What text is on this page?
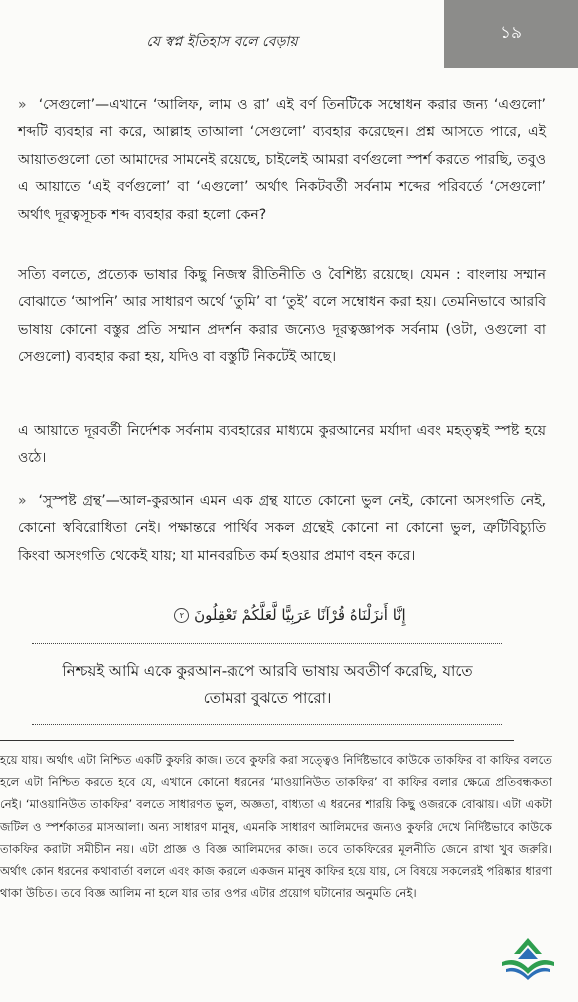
যে স্বপ্ন ইতিহাস বলে বেড়ায়	১৯

» ‘সেগুলো’—এখানে ‘আলিফ, লাম ও রা’ এই বর্ণ তিনটিকে সম্বোধন করার জন্য ‘এগুলো’ শব্দটি ব্যবহার না করে, আল্লাহ তাআলা ‘সেগুলো’ ব্যবহার করেছেন। প্রশ্ন আসতে পারে, এই আয়াতগুলো তো আমাদের সামনেই রয়েছে, চাইলেই আমরা বর্ণগুলো স্পর্শ করতে পারছি, তবুও এ আয়াতে ‘এই বর্ণগুলো’ বা ‘এগুলো’ অর্থাৎ নিকটবর্তী সর্বনাম শব্দের পরিবর্তে ‘সেগুলো’ অর্থাৎ দূরত্বসূচক শব্দ ব্যবহার করা হলো কেন?

সত্যি বলতে, প্রত্যেক ভাষার কিছু নিজস্ব রীতিনীতি ও বৈশিষ্ট্য রয়েছে। যেমন : বাংলায় সম্মান বোঝাতে ‘আপনি’ আর সাধারণ অর্থে ‘তুমি’ বা ‘তুই’ বলে সম্বোধন করা হয়। তেমনিভাবে আরবি ভাষায় কোনো বস্তুর প্রতি সম্মান প্রদর্শন করার জন্যেও দূরত্বজ্ঞাপক সর্বনাম (ওটা, ওগুলো বা সেগুলো) ব্যবহার করা হয়, যদিও বা বস্তুটি নিকটেই আছে।

এ আয়াতে দূরবর্তী নির্দেশক সর্বনাম ব্যবহারের মাধ্যমে কুরআনের মর্যাদা এবং মহত্ত্বই স্পষ্ট হয়ে ওঠে।

» ‘সুস্পষ্ট গ্রন্থ’—আল-কুরআন এমন এক গ্রন্থ যাতে কোনো ভুল নেই, কোনো অসংগতি নেই, কোনো স্ববিরোধিতা নেই। পক্ষান্তরে পার্থিব সকল গ্রন্থেই কোনো না কোনো ভুল, ত্রুটিবিচ্যুতি কিংবা অসংগতি থেকেই যায়; যা মানবরচিত কর্ম হওয়ার প্রমাণ বহন করে।

إِنَّا أَنزَلْنَاهُ قُرْآنًا عَرَبِيًّا لَّعَلَّكُمْ تَعْقِلُونَ ٢

নিশ্চয়ই আমি একে কুরআন-রূপে আরবি ভাষায় অবতীর্ণ করেছি, যাতে তোমরা বুঝতে পারো।

হয়ে যায়। অর্থাৎ এটা নিশ্চিত একটি কুফরি কাজ। তবে কুফরি করা সত্ত্বেও নির্দিষ্টভাবে কাউকে তাকফির বা কাফির বলতে হলে এটা নিশ্চিত করতে হবে যে, এখানে কোনো ধরনের ‘মাওয়ানিউত তাকফির’ বা কাফির বলার ক্ষেত্রে প্রতিবন্ধকতা নেই। ‘মাওয়ানিউত তাকফির’ বলতে সাধারণত ভুল, অজ্ঞতা, বাধ্যতা এ ধরনের শারয়ি কিছু ওজরকে বোঝায়। এটা একটা জটিল ও স্পর্শকাতর মাসআলা। অন্য সাধারণ মানুষ, এমনকি সাধারণ আলিমদের জন্যও কুফরি দেখে নির্দিষ্টভাবে কাউকে তাকফির করাটা সমীচীন নয়। এটা প্রাজ্ঞ ও বিজ্ঞ আলিমদের কাজ। তবে তাকফিরের মূলনীতি জেনে রাখা খুব জরুরি। অর্থাৎ কোন ধরনের কথাবার্তা বললে এবং কাজ করলে একজন মানুষ কাফির হয়ে যায়, সে বিষয়ে সকলেরই পরিষ্কার ধারণা থাকা উচিত। তবে বিজ্ঞ আলিম না হলে যার তার ওপর এটার প্রয়োগ ঘটানোর অনুমতি নেই।
